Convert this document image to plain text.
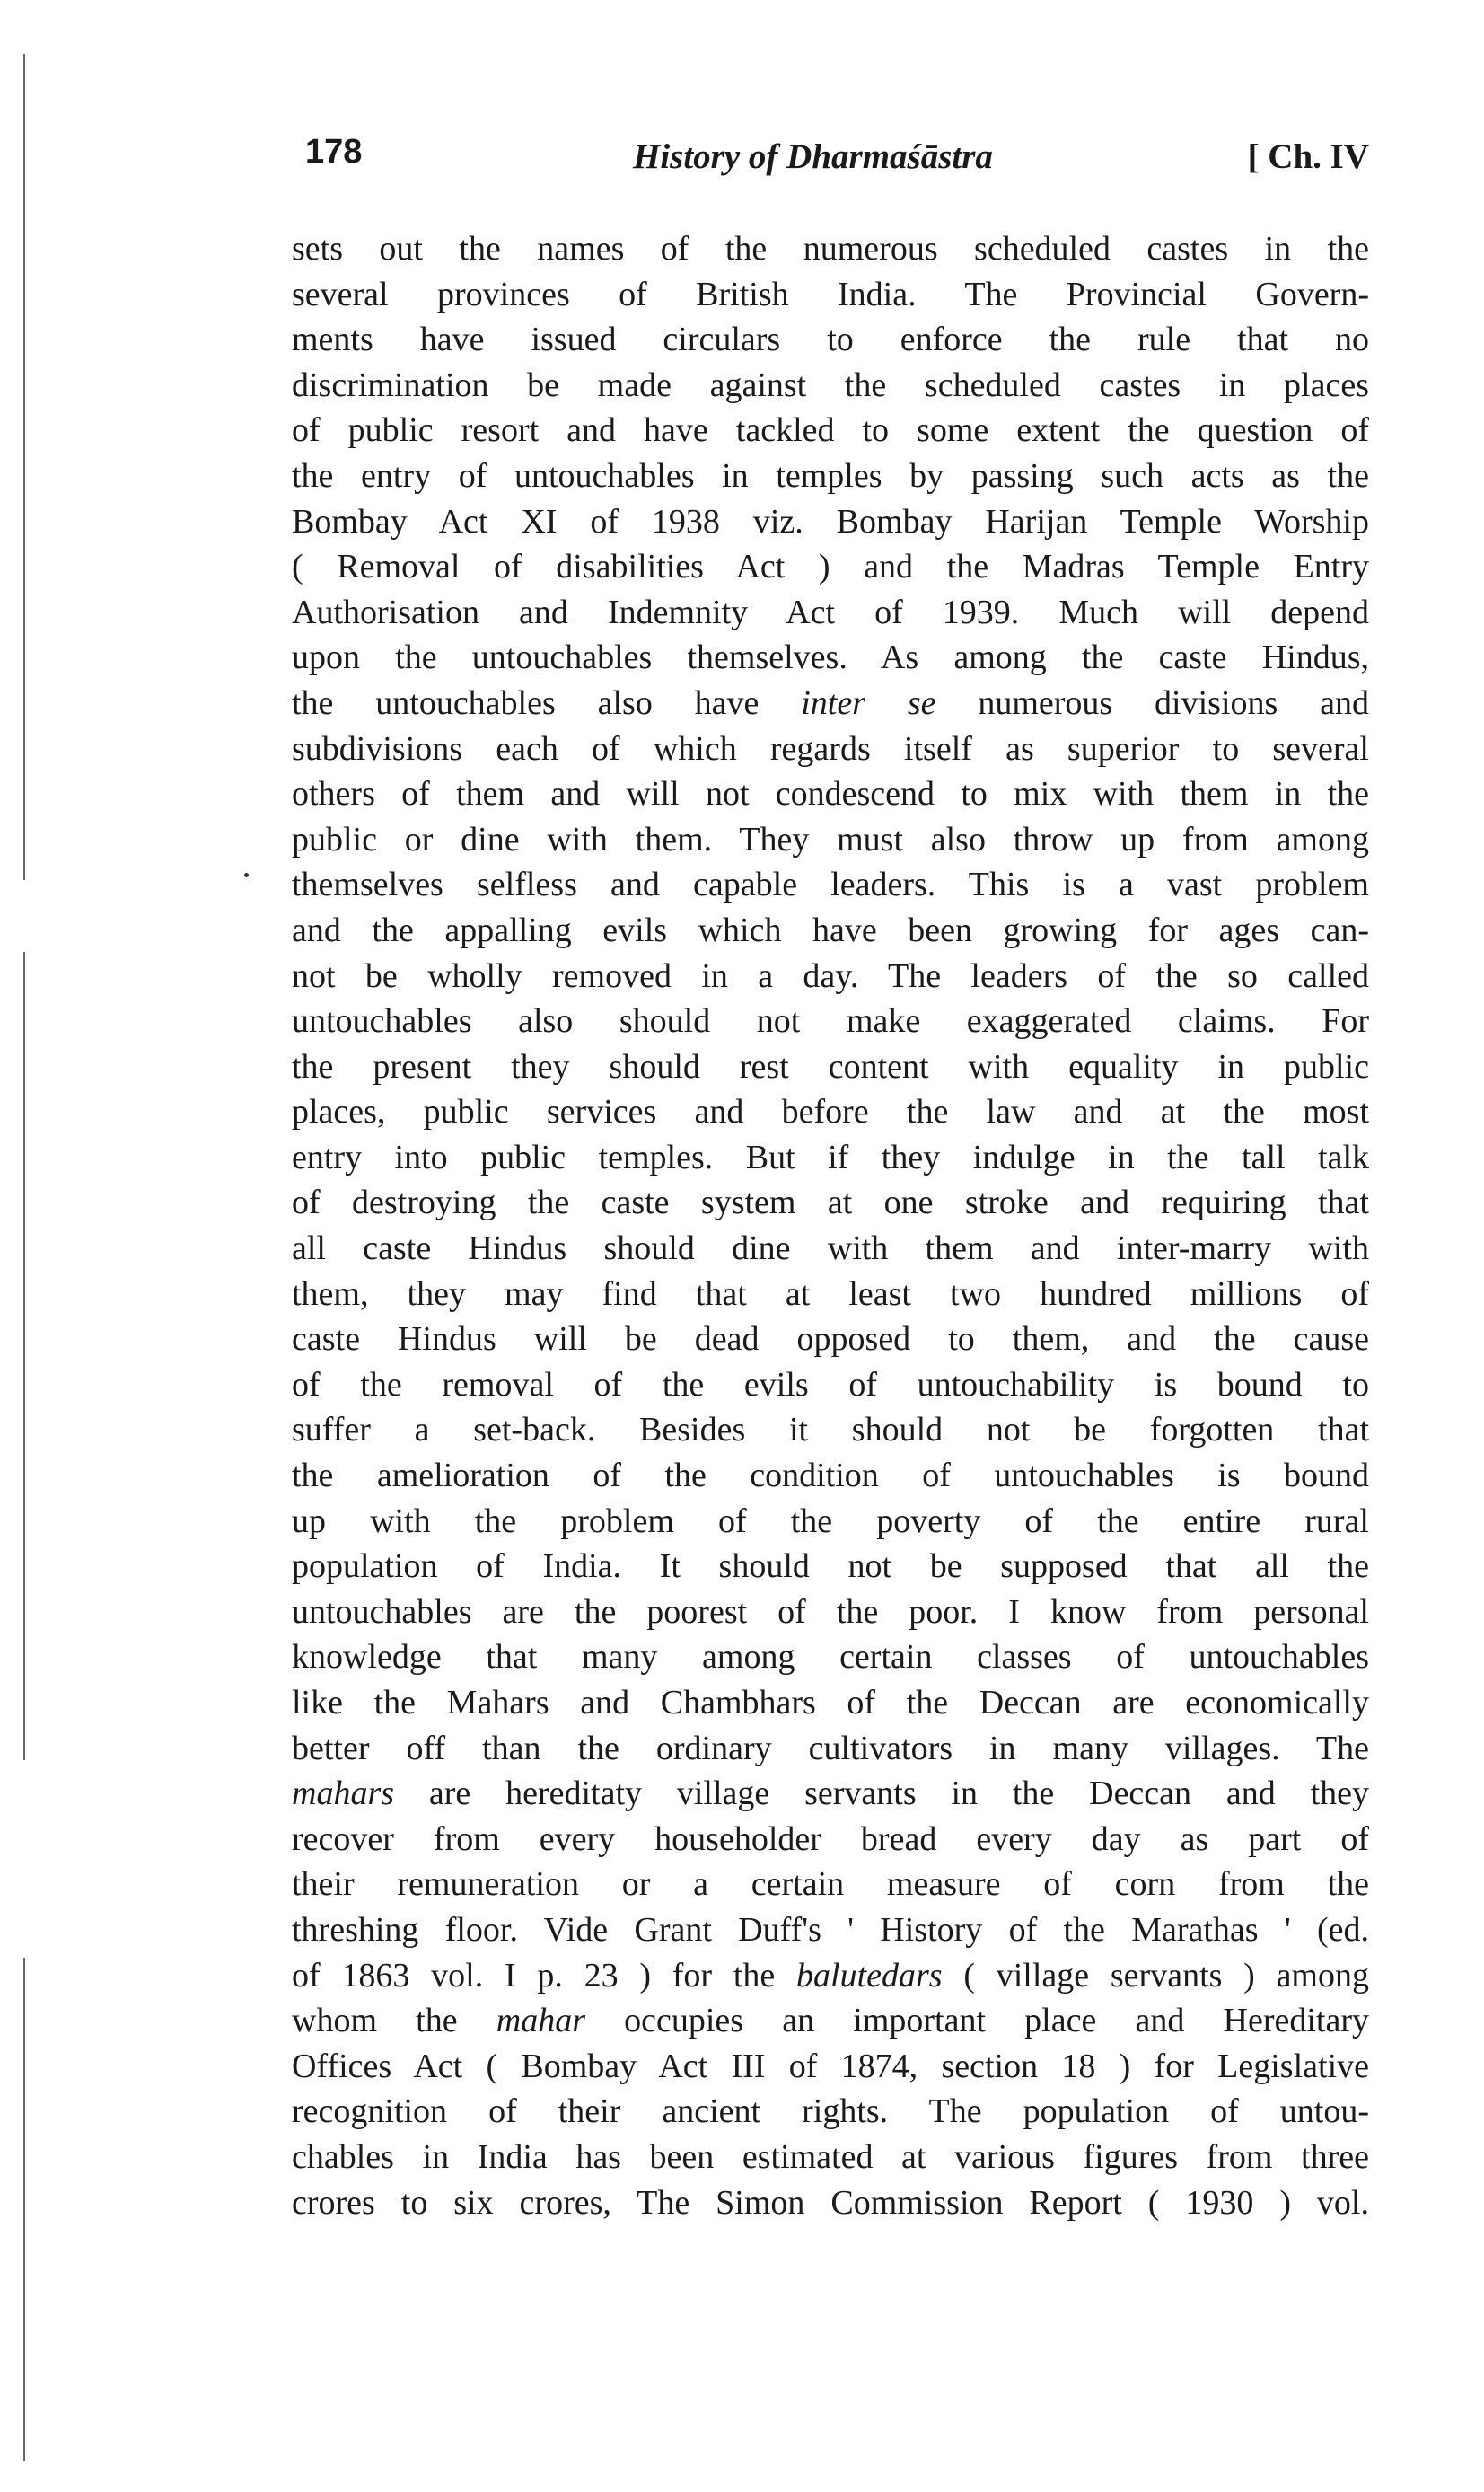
178	History of Dharmaśāstra	[ Ch. IV
sets out the names of the numerous scheduled castes in the
several provinces of British India. The Provincial Govern-
ments have issued circulars to enforce the rule that no
discrimination be made against the scheduled castes in places
of public resort and have tackled to some extent the question of
the entry of untouchables in temples by passing such acts as the
Bombay Act XI of 1938 viz. Bombay Harijan Temple Worship
( Removal of disabilities Act ) and the Madras Temple Entry
Authorisation and Indemnity Act of 1939. Much will depend
upon the untouchables themselves. As among the caste Hindus,
the untouchables also have inter se numerous divisions and
subdivisions each of which regards itself as superior to several
others of them and will not condescend to mix with them in the
public or dine with them. They must also throw up from among
themselves selfless and capable leaders. This is a vast problem
and the appalling evils which have been growing for ages can-
not be wholly removed in a day. The leaders of the so called
untouchables also should not make exaggerated claims. For
the present they should rest content with equality in public
places, public services and before the law and at the most
entry into public temples. But if they indulge in the tall talk
of destroying the caste system at one stroke and requiring that
all caste Hindus should dine with them and inter-marry with
them, they may find that at least two hundred millions of
caste Hindus will be dead opposed to them, and the cause
of the removal of the evils of untouchability is bound to
suffer a set-back. Besides it should not be forgotten that
the amelioration of the condition of untouchables is bound
up with the problem of the poverty of the entire rural
population of India. It should not be supposed that all the
untouchables are the poorest of the poor. I know from personal
knowledge that many among certain classes of untouchables
like the Mahars and Chambhars of the Deccan are economically
better off than the ordinary cultivators in many villages. The
mahars are hereditaty village servants in the Deccan and they
recover from every householder bread every day as part of
their remuneration or a certain measure of corn from the
threshing floor. Vide Grant Duff's ' History of the Marathas ' (ed.
of 1863 vol. I p. 23 ) for the balutedars ( village servants ) among
whom the mahar occupies an important place and Hereditary
Offices Act ( Bombay Act III of 1874, section 18 ) for Legislative
recognition of their ancient rights. The population of untou-
chables in India has been estimated at various figures from three
crores to six crores, The Simon Commission Report ( 1930 ) vol.
